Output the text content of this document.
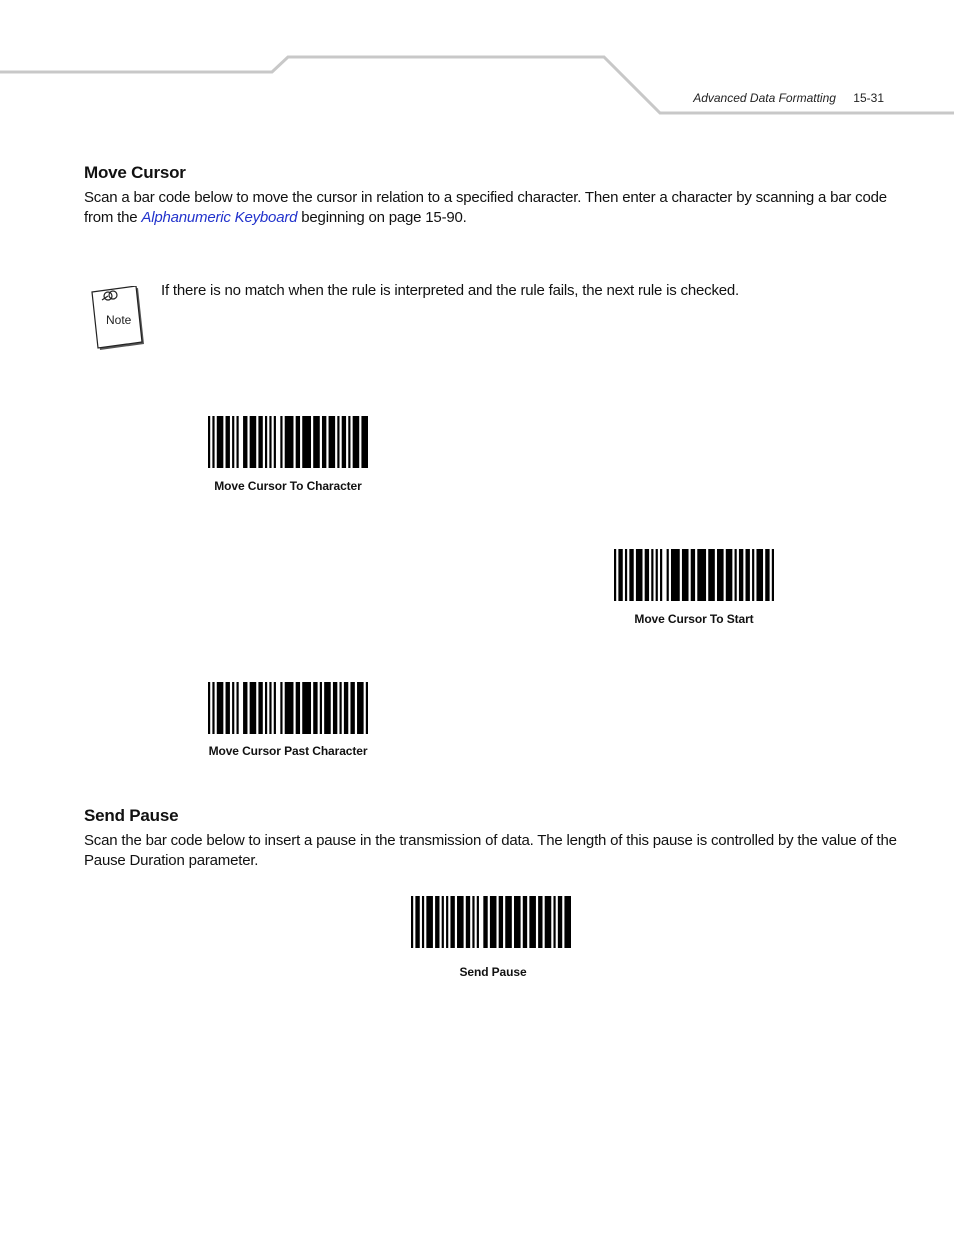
Advanced Data Formatting 15-31
Move Cursor

Scan a bar code below to move the cursor in relation to a specified character. Then enter a character by scanning a bar code from the Alphanumeric Keyboard beginning on page 15-90.

Note

If there is no match when the rule is interpreted and the rule fails, the next rule is checked.

Move Cursor To Character
Move Cursor To Start
Move Cursor Past Character
Send Pause

Scan the bar code below to insert a pause in the transmission of data. The length of this pause is controlled by the value of the Pause Duration parameter.

Send Pause
